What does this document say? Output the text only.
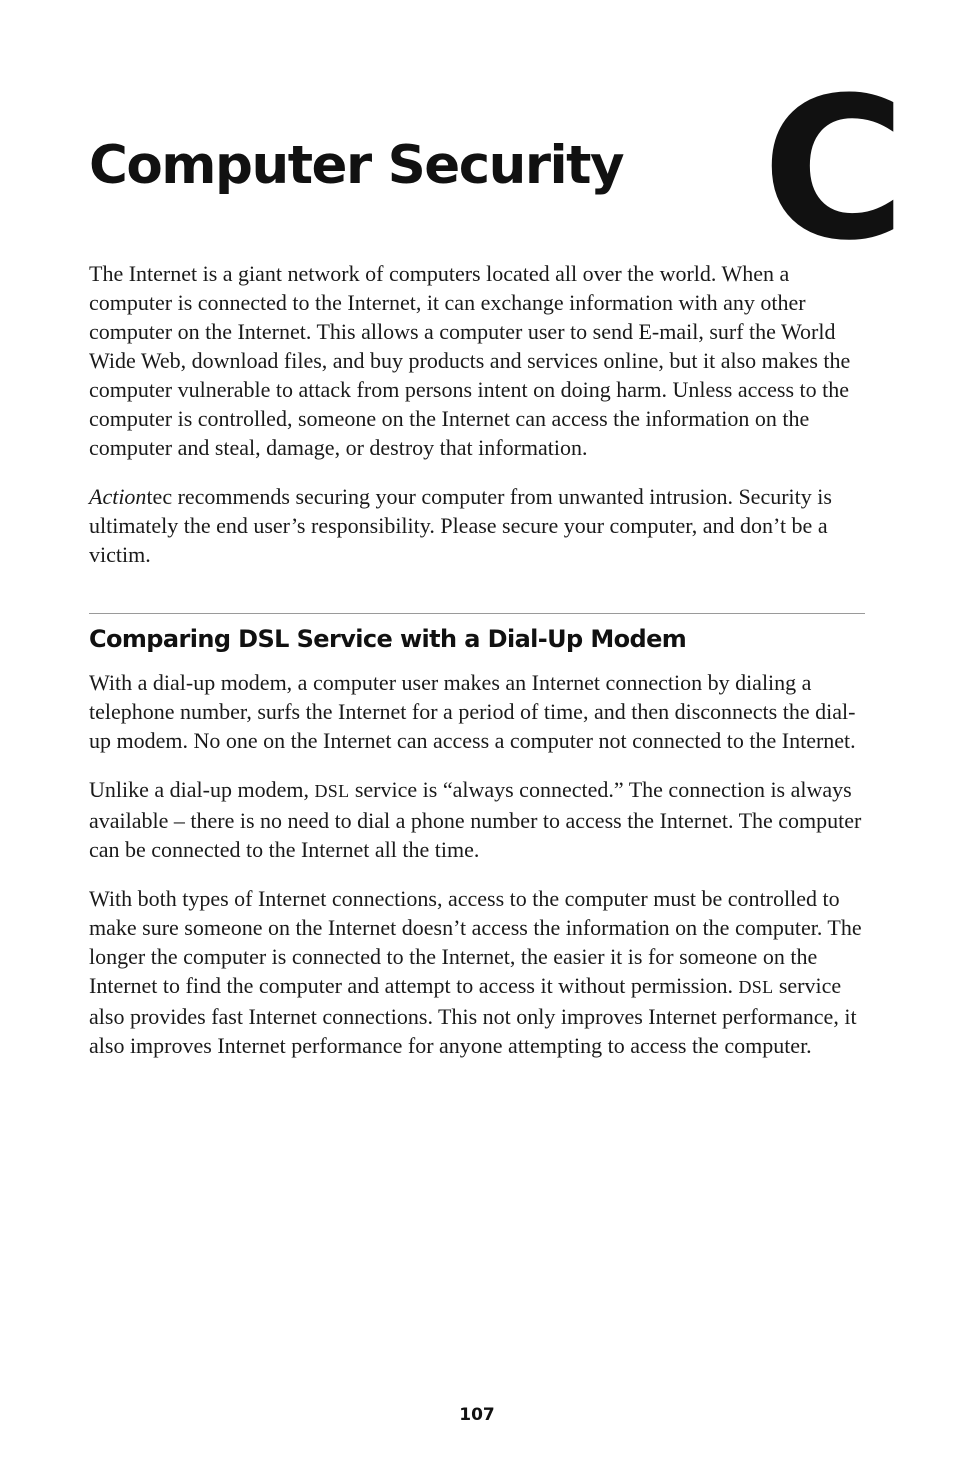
C
Computer Security

The Internet is a giant network of computers located all over the world. When a computer is connected to the Internet, it can exchange information with any other computer on the Internet. This allows a computer user to send E-mail, surf the World Wide Web, download files, and buy products and services online, but it also makes the computer vulnerable to attack from persons intent on doing harm. Unless access to the computer is controlled, someone on the Internet can access the information on the computer and steal, damage, or destroy that information.

Actiontec recommends securing your computer from unwanted intrusion. Security is ultimately the end user’s responsibility. Please secure your computer, and don’t be a victim.

Comparing DSL Service with a Dial-Up Modem

With a dial-up modem, a computer user makes an Internet connection by dialing a telephone number, surfs the Internet for a period of time, and then disconnects the dial-up modem. No one on the Internet can access a computer not connected to the Internet.

Unlike a dial-up modem, DSL service is “always connected.” The connection is always available – there is no need to dial a phone number to access the Internet. The computer can be connected to the Internet all the time.

With both types of Internet connections, access to the computer must be controlled to make sure someone on the Internet doesn’t access the information on the computer. The longer the computer is connected to the Internet, the easier it is for someone on the Internet to find the computer and attempt to access it without permission. DSL service also provides fast Internet connections. This not only improves Internet performance, it also improves Internet performance for anyone attempting to access the computer.

107
